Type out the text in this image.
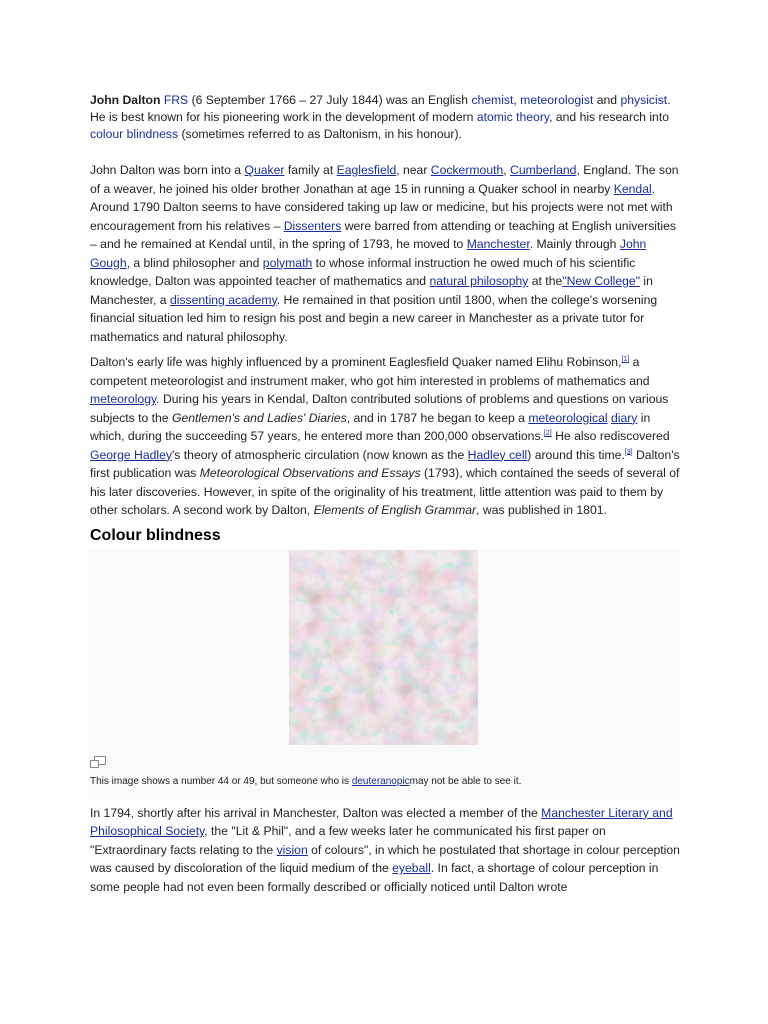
John Dalton FRS (6 September 1766 – 27 July 1844) was an English chemist, meteorologist and physicist. He is best known for his pioneering work in the development of modern atomic theory, and his research into colour blindness (sometimes referred to as Daltonism, in his honour).

John Dalton was born into a Quaker family at Eaglesfield, near Cockermouth, Cumberland, England. The son of a weaver, he joined his older brother Jonathan at age 15 in running a Quaker school in nearby Kendal. Around 1790 Dalton seems to have considered taking up law or medicine, but his projects were not met with encouragement from his relatives – Dissenters were barred from attending or teaching at English universities – and he remained at Kendal until, in the spring of 1793, he moved to Manchester. Mainly through John Gough, a blind philosopher and polymath to whose informal instruction he owed much of his scientific knowledge, Dalton was appointed teacher of mathematics and natural philosophy at the"New College" in Manchester, a dissenting academy. He remained in that position until 1800, when the college's worsening financial situation led him to resign his post and begin a new career in Manchester as a private tutor for mathematics and natural philosophy.

Dalton's early life was highly influenced by a prominent Eaglesfield Quaker named Elihu Robinson,[1] a competent meteorologist and instrument maker, who got him interested in problems of mathematics and meteorology. During his years in Kendal, Dalton contributed solutions of problems and questions on various subjects to the Gentlemen's and Ladies' Diaries, and in 1787 he began to keep a meteorological diary in which, during the succeeding 57 years, he entered more than 200,000 observations.[2] He also rediscovered George Hadley's theory of atmospheric circulation (now known as the Hadley cell) around this time.[3] Dalton's first publication was Meteorological Observations and Essays (1793), which contained the seeds of several of his later discoveries. However, in spite of the originality of his treatment, little attention was paid to them by other scholars. A second work by Dalton, Elements of English Grammar, was published in 1801.

Colour blindness
This image shows a number 44 or 49, but someone who is deuteranopicmay not be able to see it.

In 1794, shortly after his arrival in Manchester, Dalton was elected a member of the Manchester Literary and Philosophical Society, the "Lit & Phil", and a few weeks later he communicated his first paper on "Extraordinary facts relating to the vision of colours", in which he postulated that shortage in colour perception was caused by discoloration of the liquid medium of the eyeball. In fact, a shortage of colour perception in some people had not even been formally described or officially noticed until Dalton wrote
